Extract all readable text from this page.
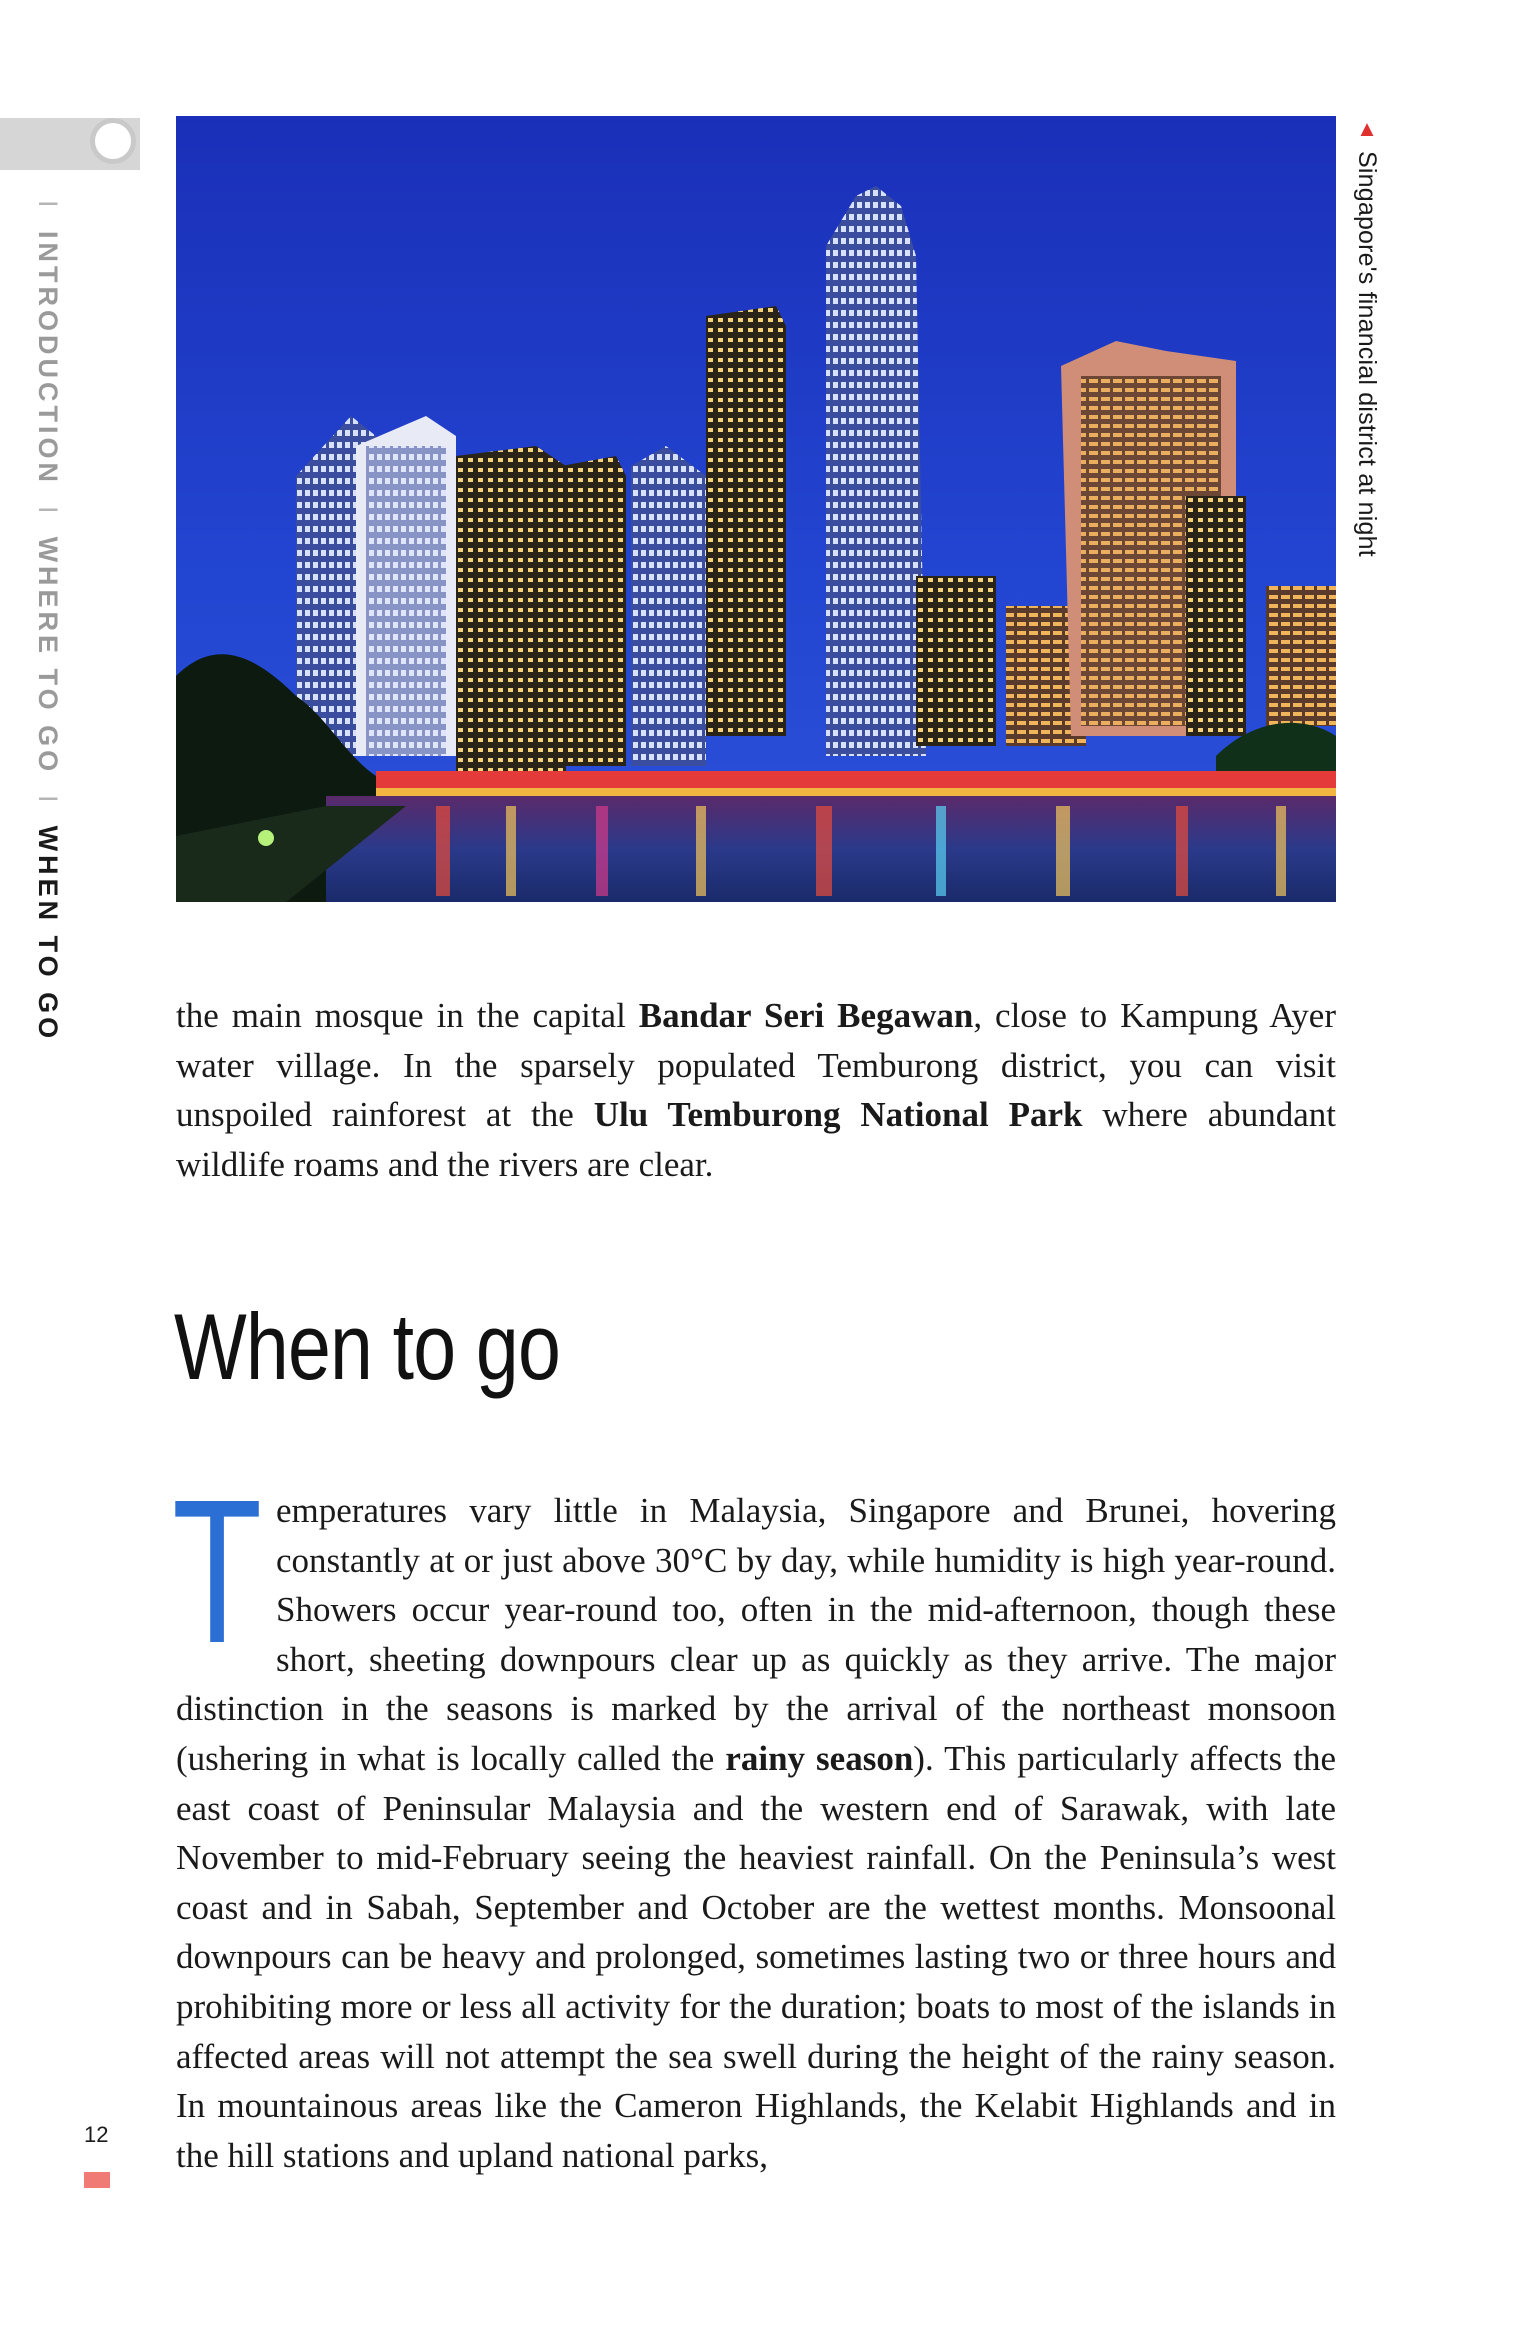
I INTRODUCTION I WHERE TO GO I WHEN TO GO
▲
Singapore's financial district at night

the main mosque in the capital Bandar Seri Begawan, close to Kampung Ayer water village. In the sparsely populated Temburong district, you can visit unspoiled rainforest at the Ulu Temburong National Park where abundant wildlife roams and the rivers are clear.

When to go

Temperatures vary little in Malaysia, Singapore and Brunei, hovering constantly at or just above 30°C by day, while humidity is high year-round. Showers occur year-round too, often in the mid-afternoon, though these short, sheeting downpours clear up as quickly as they arrive. The major distinction in the seasons is marked by the arrival of the northeast monsoon (ushering in what is locally called the rainy season). This particularly affects the east coast of Peninsular Malaysia and the western end of Sarawak, with late November to mid-February seeing the heaviest rainfall. On the Peninsula’s west coast and in Sabah, September and October are the wettest months. Monsoonal downpours can be heavy and prolonged, sometimes lasting two or three hours and prohibiting more or less all activity for the duration; boats to most of the islands in affected areas will not attempt the sea swell during the height of the rainy season. In mountainous areas like the Cameron Highlands, the Kelabit Highlands and in the hill stations and upland national parks,

12
